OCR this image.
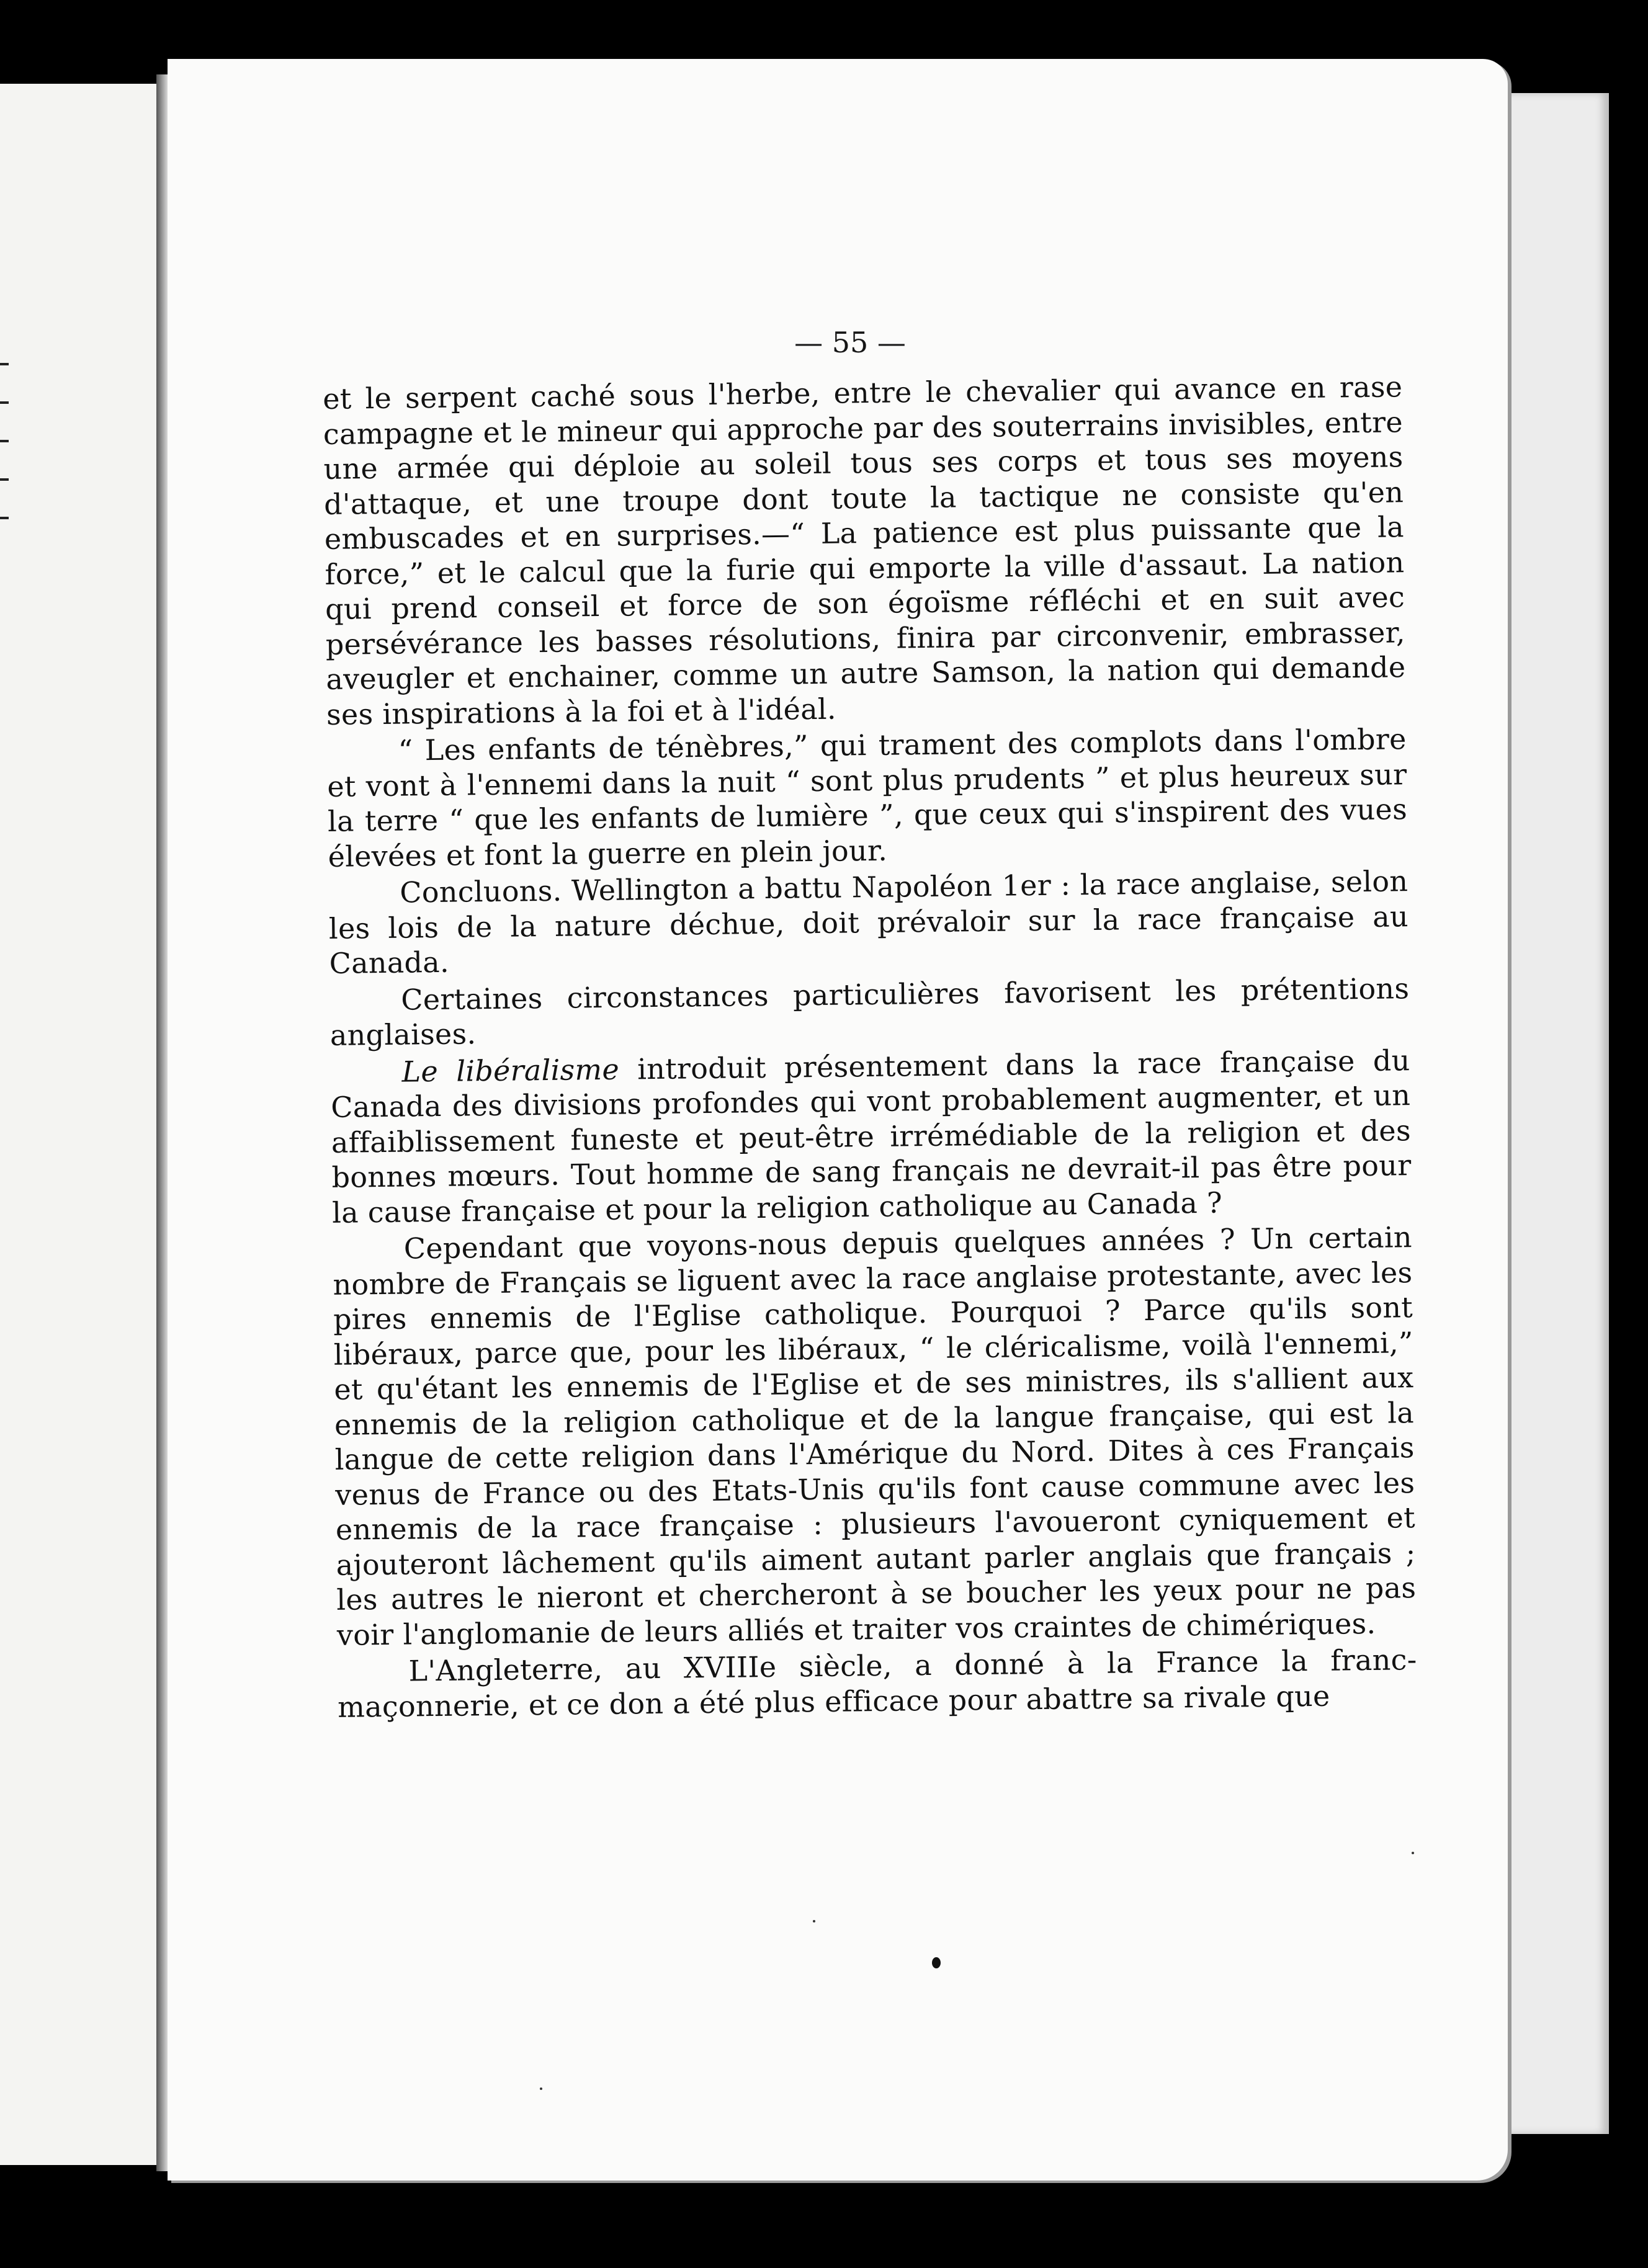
— 55 —

et le serpent caché sous l'herbe, entre le chevalier qui avance en rase campagne et le mineur qui approche par des souterrains invisibles, entre une armée qui déploie au soleil tous ses corps et tous ses moyens d'attaque, et une troupe dont toute la tactique ne consiste qu'en embuscades et en surprises.—“ La patience est plus puissante que la force,” et le calcul que la furie qui emporte la ville d'assaut. La nation qui prend conseil et force de son égoïsme réfléchi et en suit avec persévérance les basses résolutions, finira par circonvenir, embrasser, aveugler et enchainer, comme un autre Samson, la nation qui demande ses inspirations à la foi et à l'idéal.

“ Les enfants de ténèbres,” qui trament des complots dans l'ombre et vont à l'ennemi dans la nuit “ sont plus prudents ” et plus heureux sur la terre “ que les enfants de lumière ”, que ceux qui s'inspirent des vues élevées et font la guerre en plein jour.

Concluons. Wellington a battu Napoléon 1er : la race anglaise, selon les lois de la nature déchue, doit prévaloir sur la race française au Canada.

Certaines circonstances particulières favorisent les prétentions anglaises.

Le libéralisme introduit présentement dans la race française du Canada des divisions profondes qui vont probablement augmenter, et un affaiblissement funeste et peut-être irrémédiable de la religion et des bonnes mœurs. Tout homme de sang français ne devrait-il pas être pour la cause française et pour la religion catholique au Canada ?

Cependant que voyons-nous depuis quelques années ? Un certain nombre de Français se liguent avec la race anglaise protestante, avec les pires ennemis de l'Eglise catholique. Pourquoi ? Parce qu'ils sont libéraux, parce que, pour les libéraux, “ le cléricalisme, voilà l'ennemi,” et qu'étant les ennemis de l'Eglise et de ses ministres, ils s'allient aux ennemis de la religion catholique et de la langue française, qui est la langue de cette religion dans l'Amérique du Nord. Dites à ces Français venus de France ou des Etats-Unis qu'ils font cause commune avec les ennemis de la race française : plusieurs l'avoueront cyniquement et ajouteront lâchement qu'ils aiment autant parler anglais que français ; les autres le nieront et chercheront à se boucher les yeux pour ne pas voir l'anglomanie de leurs alliés et traiter vos craintes de chimériques.

L'Angleterre, au XVIIIe siècle, a donné à la France la franc-maçonnerie, et ce don a été plus efficace pour abattre sa rivale que
